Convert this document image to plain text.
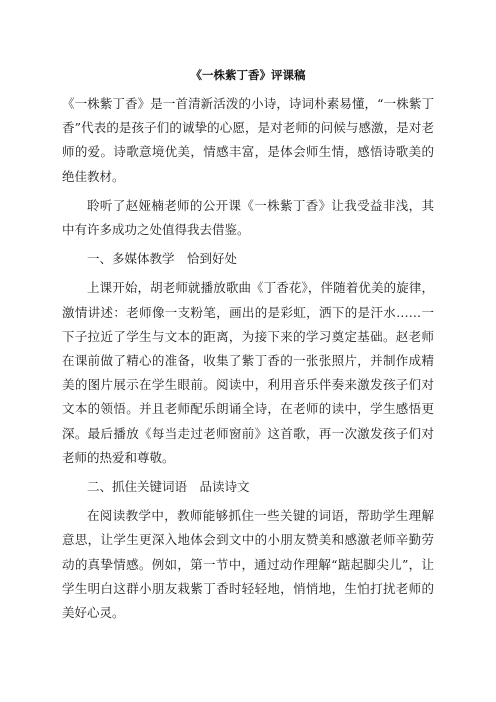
《一株紫丁香》评课稿

《一株紫丁香》是一首清新活泼的小诗，诗词朴素易懂，“一株紫丁香”代表的是孩子们的诚挚的心愿，是对老师的问候与感激，是对老师的爱。诗歌意境优美，情感丰富，是体会师生情，感悟诗歌美的绝佳教材。

聆听了赵娅楠老师的公开课《一株紫丁香》让我受益非浅，其中有许多成功之处值得我去借鉴。

一、多媒体教学　恰到好处

上课开始，胡老师就播放歌曲《丁香花》，伴随着优美的旋律，激情讲述：老师像一支粉笔，画出的是彩虹，洒下的是汗水……一下子拉近了学生与文本的距离，为接下来的学习奠定基础。赵老师在课前做了精心的准备，收集了紫丁香的一张张照片，并制作成精美的图片展示在学生眼前。阅读中，利用音乐伴奏来激发孩子们对文本的领悟。并且老师配乐朗诵全诗，在老师的读中，学生感悟更深。最后播放《每当走过老师窗前》这首歌，再一次激发孩子们对老师的热爱和尊敬。

二、抓住关键词语　品读诗文

在阅读教学中，教师能够抓住一些关键的词语，帮助学生理解意思，让学生更深入地体会到文中的小朋友赞美和感激老师辛勤劳动的真挚情感。例如，第一节中，通过动作理解“踮起脚尖儿”，让学生明白这群小朋友栽紫丁香时轻轻地，悄悄地，生怕打扰老师的美好心灵。
